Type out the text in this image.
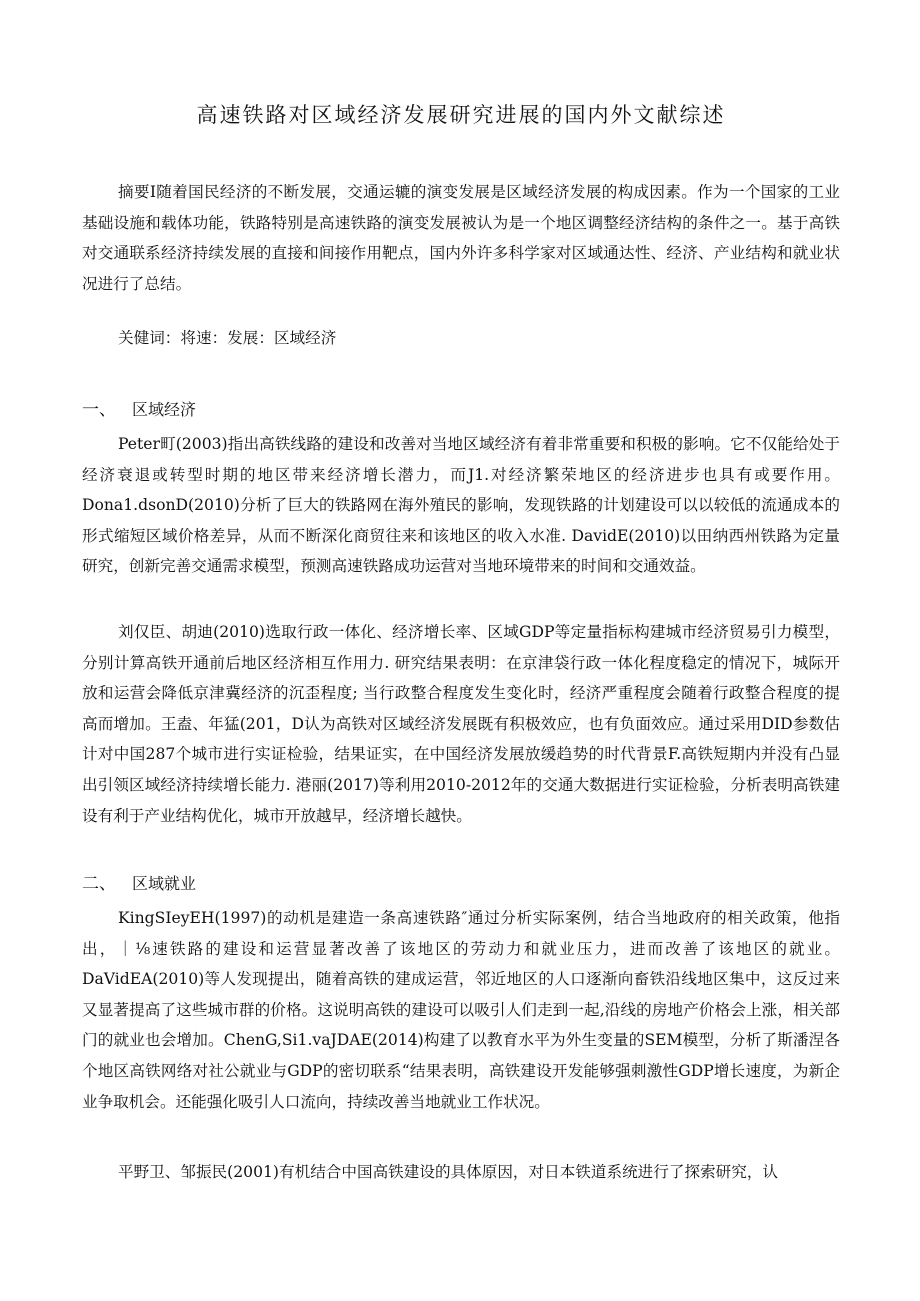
高速铁路对区域经济发展研究进展的国内外文献综述
摘要I随着国民经济的不断发展，交通运辘的演变发展是区域经济发展的构成因素。作为一个国家的工业基础设施和载体功能，铁路特别是高速铁路的演变发展被认为是一个地区调整经济结构的条件之一。基于高铁对交通联系经济持续发展的直接和间接作用靶点，国内外许多科学家对区域通达性、经济、产业结构和就业状况进行了总结。
关健词：将速：发展：区域经济
一、 区域经济
Peter町(2003)指出高铁线路的建设和改善对当地区域经济有着非常重要和积极的影响。它不仅能给处于经济衰退或转型时期的地区带来经济增长潜力，而J1.对经济繁荣地区的经济进步也具有或要作用。Dona1.dsonD(2010)分析了巨大的铁路网在海外殖民的影响，发现铁路的计划建设可以以较低的流通成本的形式缩短区域价格差异，从而不断深化商贸往来和该地区的收入水准. DavidE(2010)以田纳西州铁路为定量研究，创新完善交通需求模型，预测高速铁路成功运营对当地环境带来的时间和交通效益。
刘仅臣、胡迪(2010)选取行政一体化、经济增长率、区域GDP等定量指标构建城市经济贸易引力模型，分别计算高铁开通前后地区经济相互作用力. 研究结果表明：在京津袋行政一体化程度稳定的情况下，城际开放和运营会降低京津冀经济的沉歪程度; 当行政整合程度发生变化时，经济严重程度会随着行政整合程度的提高而增加。王盍、年猛(201，D认为高铁对区域经济发展既有积极效应，也有负面效应。通过采用DID参数估计对中国287个城市进行实证检验，结果证实，在中国经济发展放缓趋势的时代背景F.高铁短期内并没有凸显出引领区域经济持续增长能力. 港丽(2017)等利用2010-2012年的交通大数据进行实证检验，分析表明高铁建设有利于产业结构优化，城市开放越早，经济增长越快。
二、 区域就业
KingSIeyEH(1997)的动机是建造一条高速铁路″通过分析实际案例，结合当地政府的相关政策，他指出，｜⅛速铁路的建设和运营显著改善了该地区的劳动力和就业压力，进而改善了该地区的就业。DaVidEA(2010)等人发现提出，随着高铁的建成运营，邻近地区的人口逐渐向畜铁沿线地区集中，这反过来又显著提高了这些城市群的价格。这说明高铁的建设可以吸引人们走到一起,沿线的房地产价格会上涨，相关部门的就业也会增加。ChenG,Si1.vaJDAE(2014)构建了以教育水平为外生变量的SEM模型，分析了斯潘涅各个地区高铁网络对社公就业与GDP的密切联系“结果表明，高铁建设开发能够强刺激性GDP增长速度，为新企业争取机会。还能强化吸引人口流向，持续改善当地就业工作状况。
平野卫、邹振民(2001)有机结合中国高铁建设的具体原因，对日本铁道系统进行了探索研究，认
